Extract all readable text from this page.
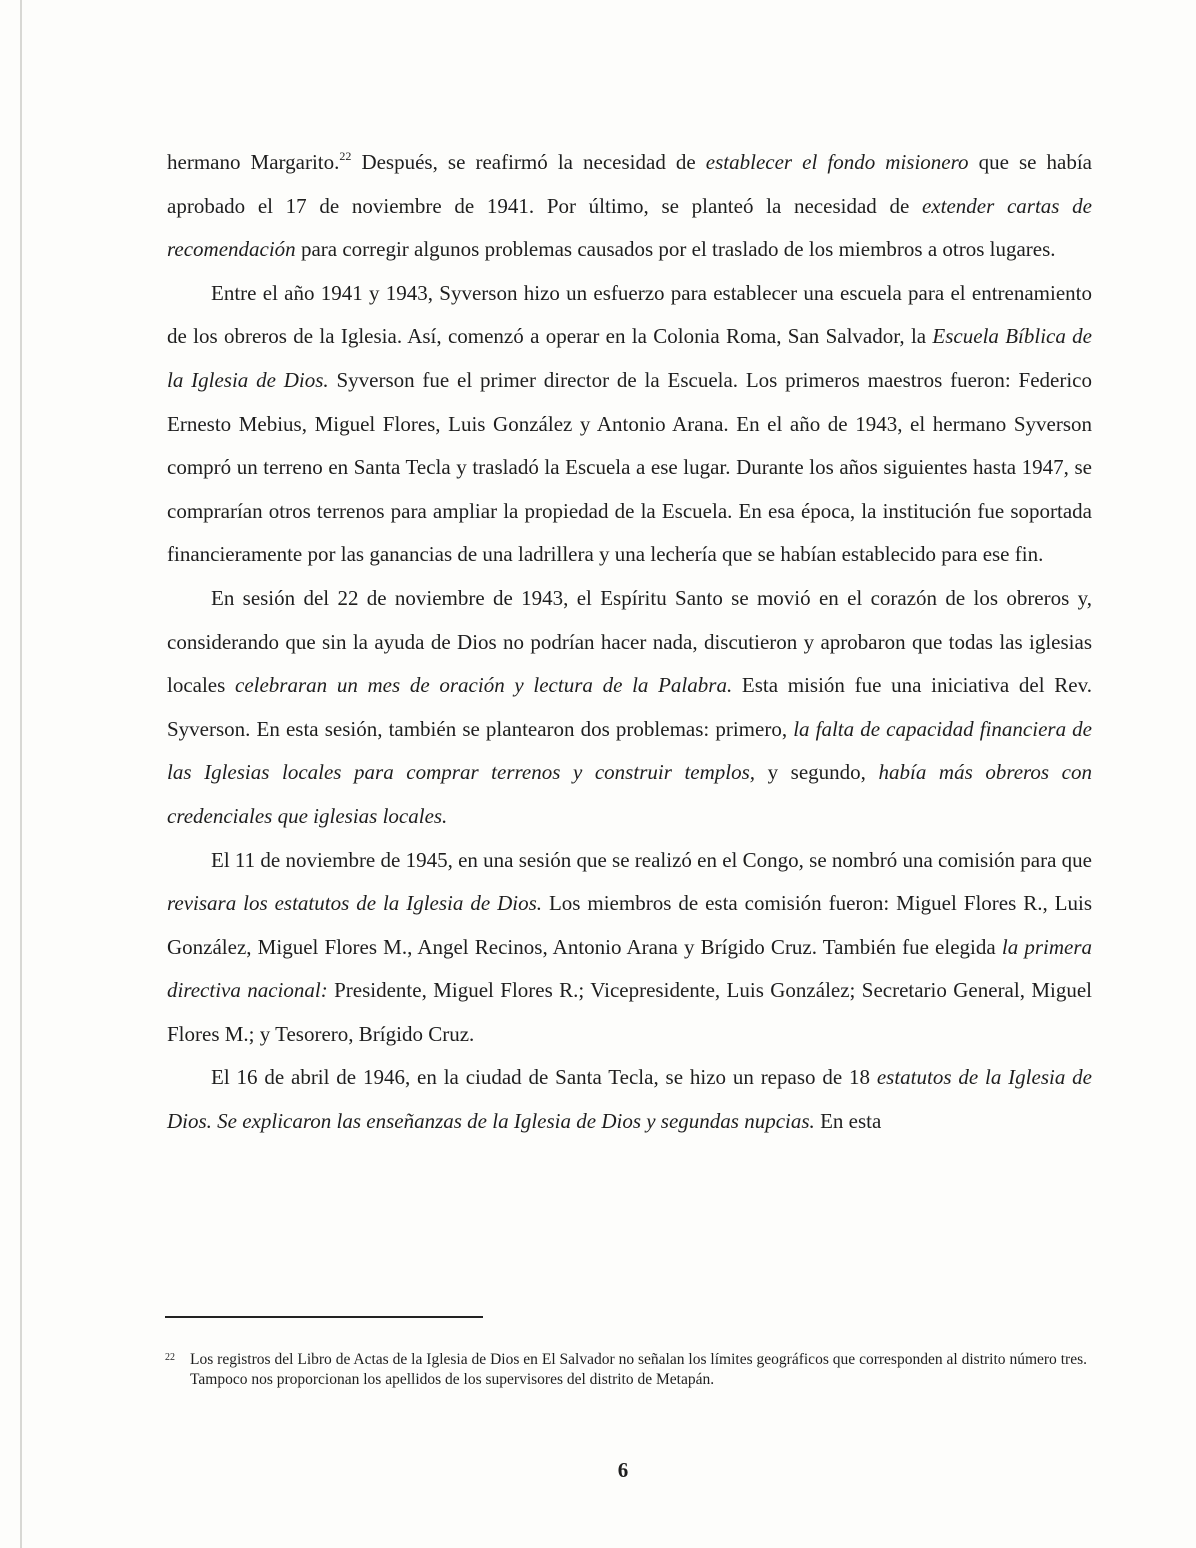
hermano Margarito.$^{22}$ Después, se reafirmó la necesidad de establecer el fondo misionero que se había aprobado el 17 de noviembre de 1941. Por último, se planteó la necesidad de extender cartas de recomendación para corregir algunos problemas causados por el traslado de los miembros a otros lugares.

Entre el año 1941 y 1943, Syverson hizo un esfuerzo para establecer una escuela para el entrenamiento de los obreros de la Iglesia. Así, comenzó a operar en la Colonia Roma, San Salvador, la Escuela Bíblica de la Iglesia de Dios. Syverson fue el primer director de la Escuela. Los primeros maestros fueron: Federico Ernesto Mebius, Miguel Flores, Luis González y Antonio Arana. En el año de 1943, el hermano Syverson compró un terreno en Santa Tecla y trasladó la Escuela a ese lugar. Durante los años siguientes hasta 1947, se comprarían otros terrenos para ampliar la propiedad de la Escuela. En esa época, la institución fue soportada financieramente por las ganancias de una ladrillera y una lechería que se habían establecido para ese fin.

En sesión del 22 de noviembre de 1943, el Espíritu Santo se movió en el corazón de los obreros y, considerando que sin la ayuda de Dios no podrían hacer nada, discutieron y aprobaron que todas las iglesias locales celebraran un mes de oración y lectura de la Palabra. Esta misión fue una iniciativa del Rev. Syverson. En esta sesión, también se plantearon dos problemas: primero, la falta de capacidad financiera de las Iglesias locales para comprar terrenos y construir templos, y segundo, había más obreros con credenciales que iglesias locales.

El 11 de noviembre de 1945, en una sesión que se realizó en el Congo, se nombró una comisión para que revisara los estatutos de la Iglesia de Dios. Los miembros de esta comisión fueron: Miguel Flores R., Luis González, Miguel Flores M., Angel Recinos, Antonio Arana y Brígido Cruz. También fue elegida la primera directiva nacional: Presidente, Miguel Flores R.; Vicepresidente, Luis González; Secretario General, Miguel Flores M.; y Tesorero, Brígido Cruz.

El 16 de abril de 1946, en la ciudad de Santa Tecla, se hizo un repaso de 18 estatutos de la Iglesia de Dios. Se explicaron las enseñanzas de la Iglesia de Dios y segundas nupcias. En esta

22 Los registros del Libro de Actas de la Iglesia de Dios en El Salvador no señalan los límites geográficos que corresponden al distrito número tres. Tampoco nos proporcionan los apellidos de los supervisores del distrito de Metapán.
6
